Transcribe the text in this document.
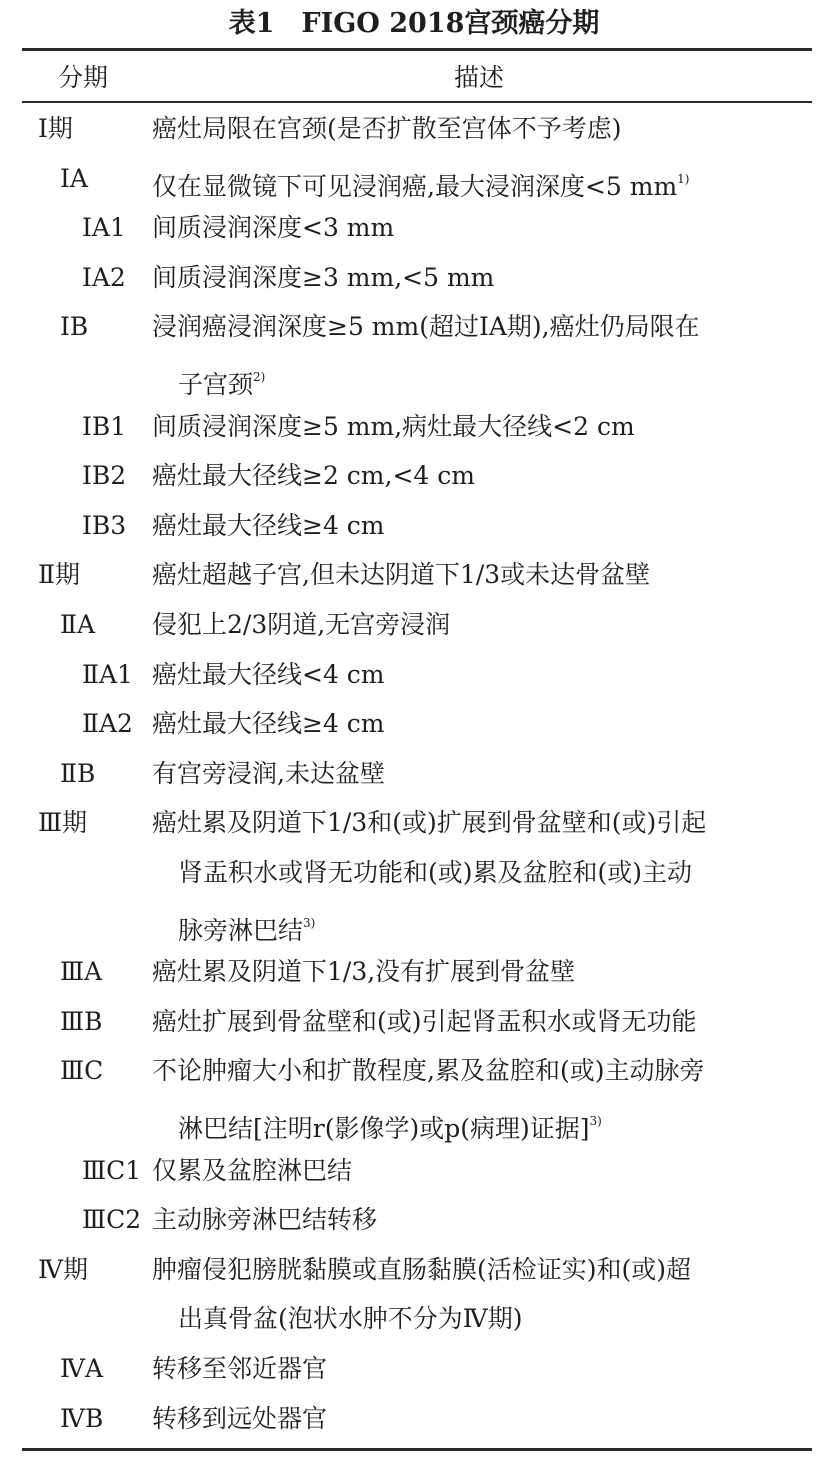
表1　FIGO 2018宫颈癌分期
分期	描述
Ⅰ期	癌灶局限在宫颈(是否扩散至宫体不予考虑)
ⅠA	仅在显微镜下可见浸润癌,最大浸润深度<5 $mm^{1)}$
ⅠA1 间质浸润深度<3 mm
ⅠA2 间质浸润深度≥3 mm,<5 mm
ⅠB	浸润癌浸润深度≥5 mm(超过ⅠA期),癌灶仍局限在
子宫颈$^{2)}$
ⅠB1 间质浸润深度≥5 mm,病灶最大径线<2 cm
ⅠB2 癌灶最大径线≥2 cm,<4 cm
ⅠB3 癌灶最大径线≥4 cm
Ⅱ期	癌灶超越子宫,但未达阴道下1/3或未达骨盆壁
ⅡA 侵犯上2/3阴道,无宫旁浸润
ⅡA1 癌灶最大径线<4 cm
ⅡA2 癌灶最大径线≥4 cm
ⅡB 有宫旁浸润,未达盆壁
Ⅲ期	癌灶累及阴道下1/3和(或)扩展到骨盆壁和(或)引起
肾盂积水或肾无功能和(或)累及盆腔和(或)主动
脉旁淋巴结$^{3)}$
ⅢA 癌灶累及阴道下1/3,没有扩展到骨盆壁
ⅢB 癌灶扩展到骨盆壁和(或)引起肾盂积水或肾无功能
ⅢC 不论肿瘤大小和扩散程度,累及盆腔和(或)主动脉旁
淋巴结[注明r(影像学)或p(病理)证据]$^{3)}$
ⅢC1 仅累及盆腔淋巴结
ⅢC2 主动脉旁淋巴结转移
Ⅳ期	肿瘤侵犯膀胱黏膜或直肠黏膜(活检证实)和(或)超
出真骨盆(泡状水肿不分为Ⅳ期)
ⅣA 转移至邻近器官
ⅣB 转移到远处器官
